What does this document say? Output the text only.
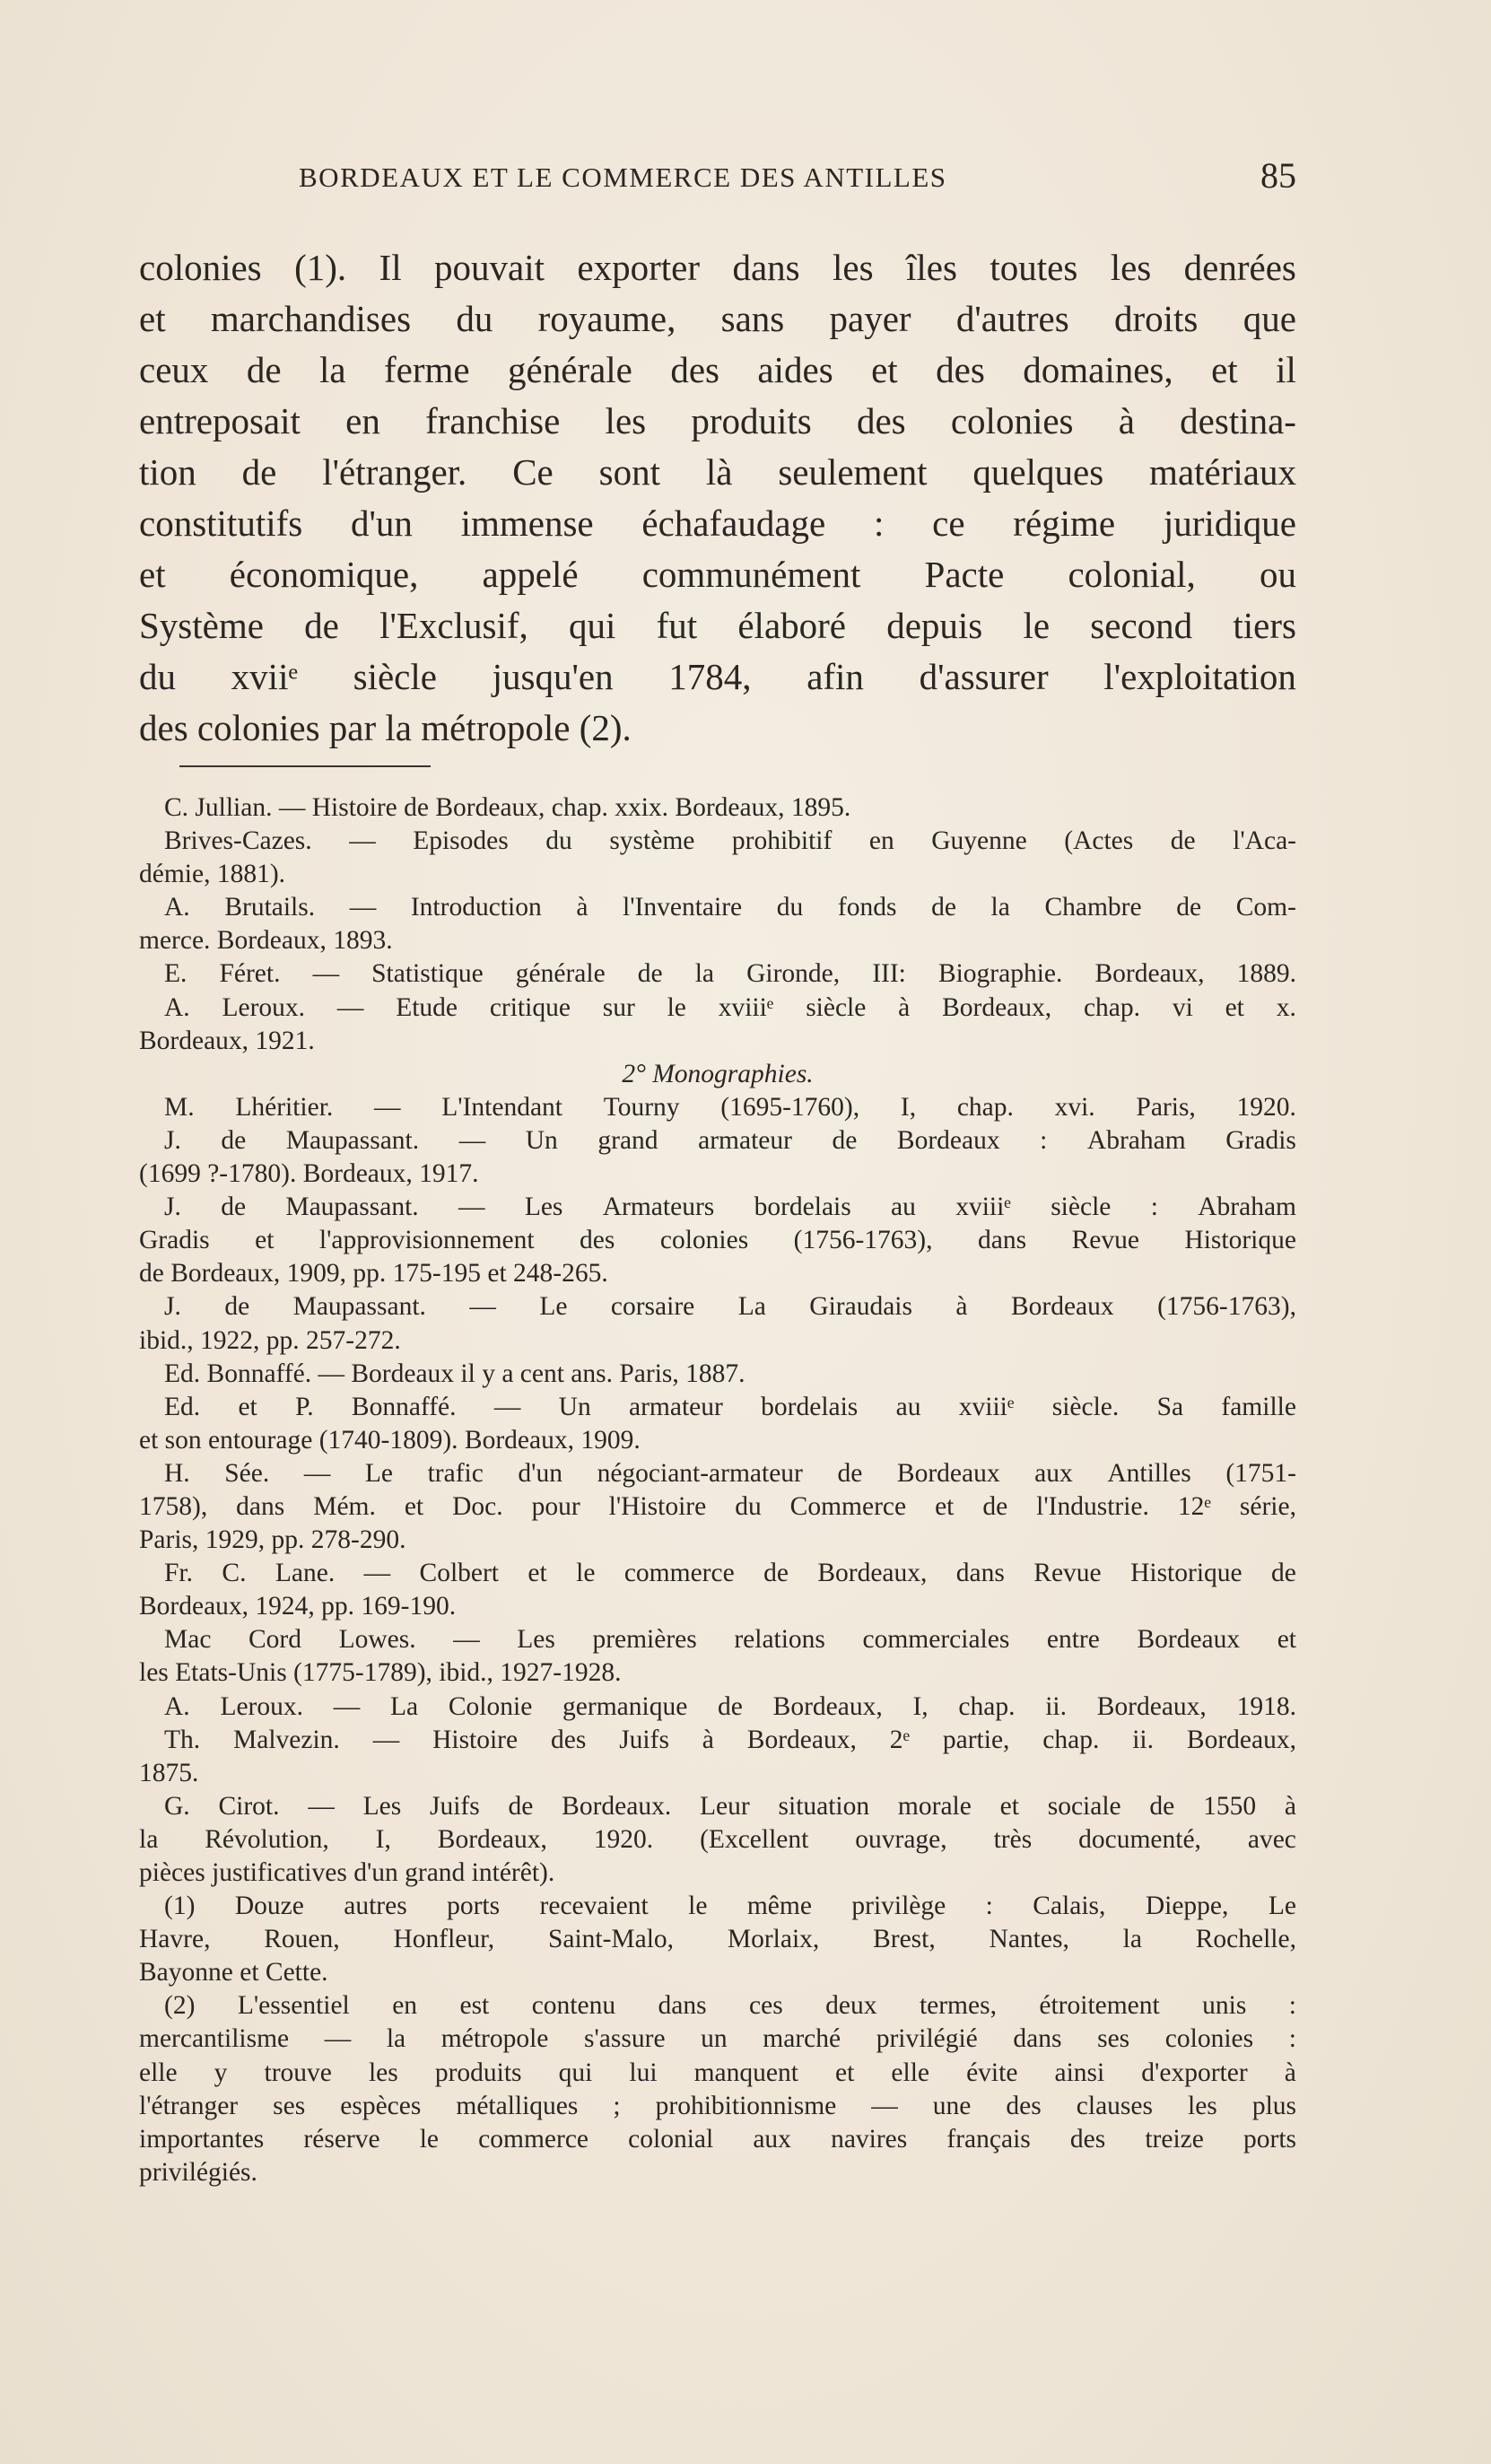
BORDEAUX ET LE COMMERCE DES ANTILLES	85
colonies (1). Il pouvait exporter dans les îles toutes les denrées
et marchandises du royaume, sans payer d'autres droits que
ceux de la ferme générale des aides et des domaines, et il
entreposait en franchise les produits des colonies à destina-
tion de l'étranger. Ce sont là seulement quelques matériaux
constitutifs d'un immense échafaudage : ce régime juridique
et économique, appelé communément Pacte colonial, ou
Système de l'Exclusif, qui fut élaboré depuis le second tiers
du xviiᵉ siècle jusqu'en 1784, afin d'assurer l'exploitation
des colonies par la métropole (2).
C. Jullian. — Histoire de Bordeaux, chap. xxix. Bordeaux, 1895.
Brives-Cazes. — Episodes du système prohibitif en Guyenne (Actes de l'Aca-
démie, 1881).
A. Brutails. — Introduction à l'Inventaire du fonds de la Chambre de Com-
merce. Bordeaux, 1893.
E. Féret. — Statistique générale de la Gironde, III: Biographie. Bordeaux, 1889.
A. Leroux. — Etude critique sur le xviiiᵉ siècle à Bordeaux, chap. vi et x.
Bordeaux, 1921.
2° Monographies.
M. Lhéritier. — L'Intendant Tourny (1695-1760), I, chap. xvi. Paris, 1920.
J. de Maupassant. — Un grand armateur de Bordeaux : Abraham Gradis
(1699 ?-1780). Bordeaux, 1917.
J. de Maupassant. — Les Armateurs bordelais au xviiiᵉ siècle : Abraham
Gradis et l'approvisionnement des colonies (1756-1763), dans Revue Historique
de Bordeaux, 1909, pp. 175-195 et 248-265.
J. de Maupassant. — Le corsaire La Giraudais à Bordeaux (1756-1763),
ibid., 1922, pp. 257-272.
Ed. Bonnaffé. — Bordeaux il y a cent ans. Paris, 1887.
Ed. et P. Bonnaffé. — Un armateur bordelais au xviiiᵉ siècle. Sa famille
et son entourage (1740-1809). Bordeaux, 1909.
H. Sée. — Le trafic d'un négociant-armateur de Bordeaux aux Antilles (1751-
1758), dans Mém. et Doc. pour l'Histoire du Commerce et de l'Industrie. 12ᵉ série,
Paris, 1929, pp. 278-290.
Fr. C. Lane. — Colbert et le commerce de Bordeaux, dans Revue Historique de
Bordeaux, 1924, pp. 169-190.
Mac Cord Lowes. — Les premières relations commerciales entre Bordeaux et
les Etats-Unis (1775-1789), ibid., 1927-1928.
A. Leroux. — La Colonie germanique de Bordeaux, I, chap. ii. Bordeaux, 1918.
Th. Malvezin. — Histoire des Juifs à Bordeaux, 2ᵉ partie, chap. ii. Bordeaux,
1875.
G. Cirot. — Les Juifs de Bordeaux. Leur situation morale et sociale de 1550 à
la Révolution, I, Bordeaux, 1920. (Excellent ouvrage, très documenté, avec
pièces justificatives d'un grand intérêt).
(1) Douze autres ports recevaient le même privilège : Calais, Dieppe, Le
Havre, Rouen, Honfleur, Saint-Malo, Morlaix, Brest, Nantes, la Rochelle,
Bayonne et Cette.
(2) L'essentiel en est contenu dans ces deux termes, étroitement unis :
mercantilisme — la métropole s'assure un marché privilégié dans ses colonies :
elle y trouve les produits qui lui manquent et elle évite ainsi d'exporter à
l'étranger ses espèces métalliques ; prohibitionnisme — une des clauses les plus
importantes réserve le commerce colonial aux navires français des treize ports
privilégiés.
